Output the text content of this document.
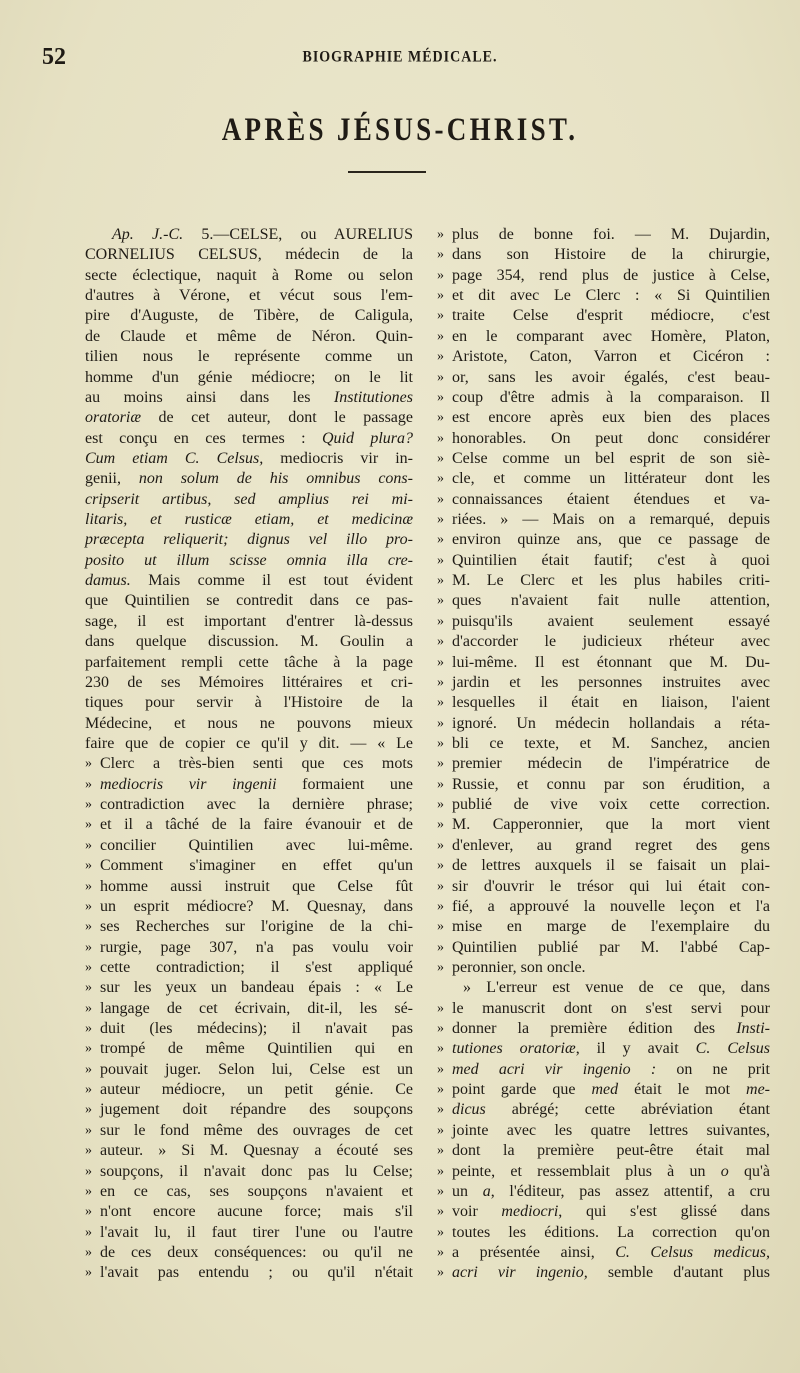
52	BIOGRAPHIE MÉDICALE.
APRÈS JÉSUS-CHRIST.
Ap. J.-C. 5.—CELSE, ou AURELIUS
CORNELIUS CELSUS, médecin de la
secte éclectique, naquit à Rome ou selon
d'autres à Vérone, et vécut sous l'em-
pire d'Auguste, de Tibère, de Caligula,
de Claude et même de Néron. Quin-
tilien nous le représente comme un
homme d'un génie médiocre; on le lit
au moins ainsi dans les Institutiones
oratoriæ de cet auteur, dont le passage
est conçu en ces termes : Quid plura?
Cum etiam C. Celsus, mediocris vir in-
genii, non solum de his omnibus cons-
cripserit artibus, sed amplius rei mi-
litaris, et rusticæ etiam, et medicinæ
præcepta reliquerit; dignus vel illo pro-
posito ut illum scisse omnia illa cre-
damus. Mais comme il est tout évident
que Quintilien se contredit dans ce pas-
sage, il est important d'entrer là-dessus
dans quelque discussion. M. Goulin a
parfaitement rempli cette tâche à la page
230 de ses Mémoires littéraires et cri-
tiques pour servir à l'Histoire de la
Médecine, et nous ne pouvons mieux
faire que de copier ce qu'il y dit. — « Le
» Clerc a très-bien senti que ces mots
» mediocris vir ingenii formaient une
» contradiction avec la dernière phrase;
» et il a tâché de la faire évanouir et de
» concilier Quintilien avec lui-même.
» Comment s'imaginer en effet qu'un
» homme aussi instruit que Celse fût
» un esprit médiocre? M. Quesnay, dans
» ses Recherches sur l'origine de la chi-
» rurgie, page 307, n'a pas voulu voir
» cette contradiction; il s'est appliqué
» sur les yeux un bandeau épais : « Le
» langage de cet écrivain, dit-il, les sé-
» duit (les médecins); il n'avait pas
» trompé de même Quintilien qui en
» pouvait juger. Selon lui, Celse est un
» auteur médiocre, un petit génie. Ce
» jugement doit répandre des soupçons
» sur le fond même des ouvrages de cet
» auteur. » Si M. Quesnay a écouté ses
» soupçons, il n'avait donc pas lu Celse;
» en ce cas, ses soupçons n'avaient et
» n'ont encore aucune force; mais s'il
» l'avait lu, il faut tirer l'une ou l'autre
» de ces deux conséquences: ou qu'il ne
» l'avait pas entendu ; ou qu'il n'était
» plus de bonne foi. — M. Dujardin,
» dans son Histoire de la chirurgie,
» page 354, rend plus de justice à Celse,
» et dit avec Le Clerc : « Si Quintilien
» traite Celse d'esprit médiocre, c'est
» en le comparant avec Homère, Platon,
» Aristote, Caton, Varron et Cicéron :
» or, sans les avoir égalés, c'est beau-
» coup d'être admis à la comparaison. Il
» est encore après eux bien des places
» honorables. On peut donc considérer
» Celse comme un bel esprit de son siè-
» cle, et comme un littérateur dont les
» connaissances étaient étendues et va-
» riées. » — Mais on a remarqué, depuis
» environ quinze ans, que ce passage de
» Quintilien était fautif; c'est à quoi
» M. Le Clerc et les plus habiles criti-
» ques n'avaient fait nulle attention,
» puisqu'ils avaient seulement essayé
» d'accorder le judicieux rhéteur avec
» lui-même. Il est étonnant que M. Du-
» jardin et les personnes instruites avec
» lesquelles il était en liaison, l'aient
» ignoré. Un médecin hollandais a réta-
» bli ce texte, et M. Sanchez, ancien
» premier médecin de l'impératrice de
» Russie, et connu par son érudition, a
» publié de vive voix cette correction.
» M. Capperonnier, que la mort vient
» d'enlever, au grand regret des gens
» de lettres auxquels il se faisait un plai-
» sir d'ouvrir le trésor qui lui était con-
» fié, a approuvé la nouvelle leçon et l'a
» mise en marge de l'exemplaire du
» Quintilien publié par M. l'abbé Cap-
» peronnier, son oncle.
» L'erreur est venue de ce que, dans
» le manuscrit dont on s'est servi pour
» donner la première édition des Insti-
» tutiones oratoriæ, il y avait C. Celsus
» med acri vir ingenio : on ne prit
» point garde que med était le mot me-
» dicus abrégé; cette abréviation étant
» jointe avec les quatre lettres suivantes,
» dont la première peut-être était mal
» peinte, et ressemblait plus à un o qu'à
» un a, l'éditeur, pas assez attentif, a cru
» voir mediocri, qui s'est glissé dans
» toutes les éditions. La correction qu'on
» a présentée ainsi, C. Celsus medicus,
» acri vir ingenio, semble d'autant plus
